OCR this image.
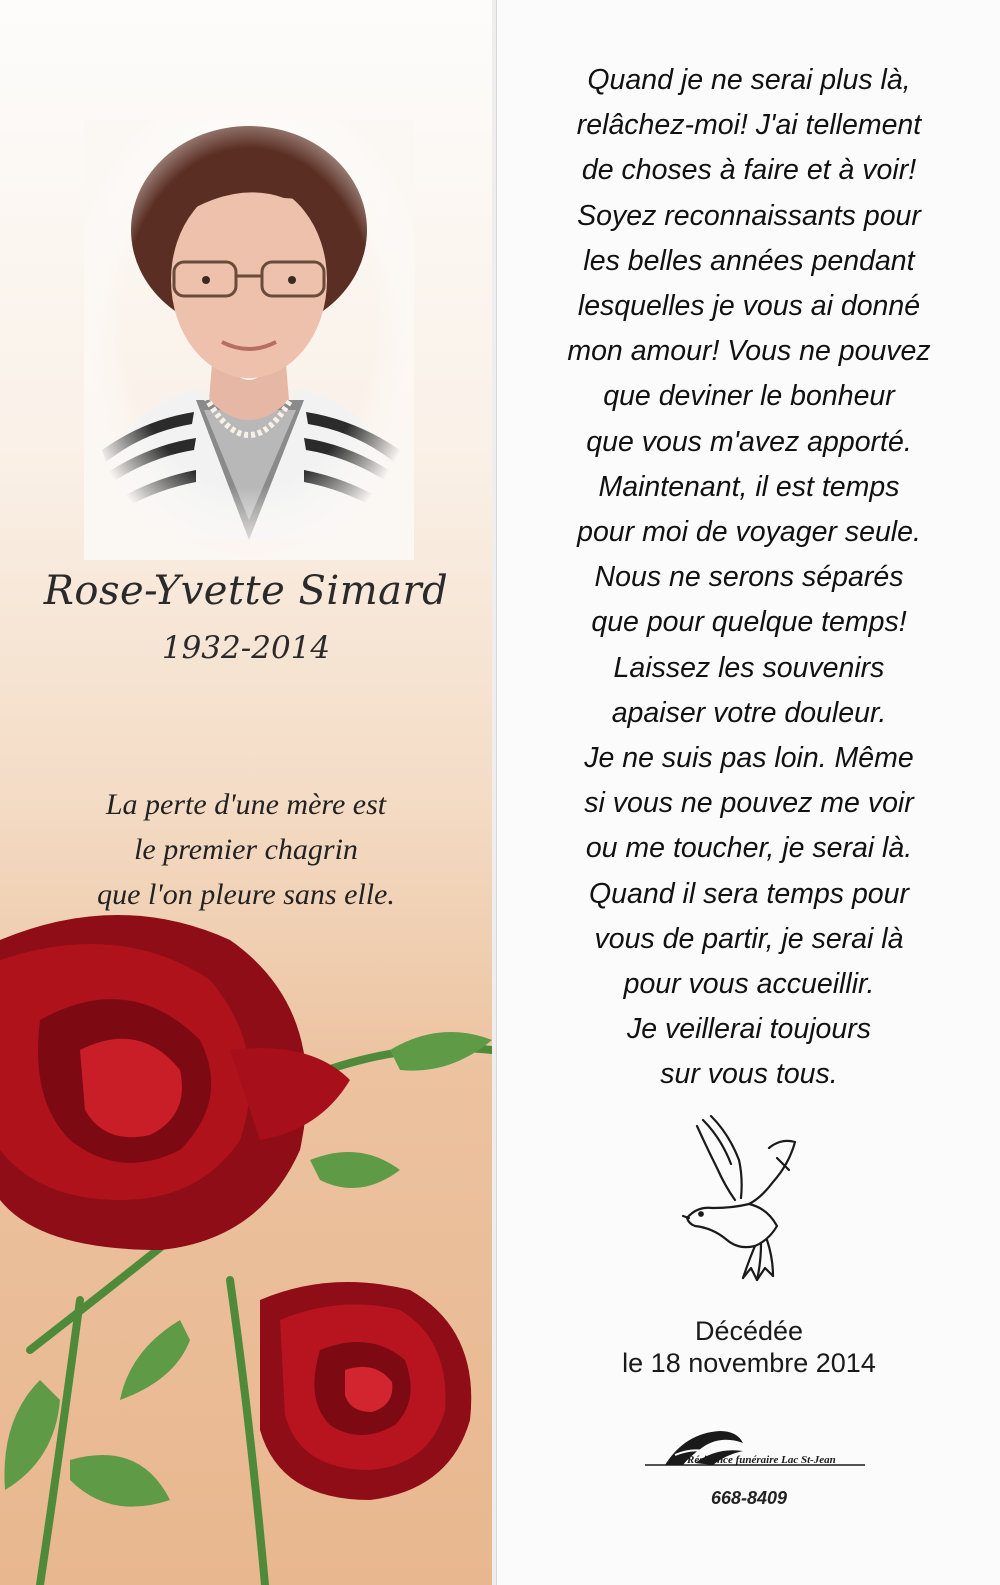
Rose-Yvette Simard
1932-2014
La perte d'une mère est
le premier chagrin
que l'on pleure sans elle.
Quand je ne serai plus là,
relâchez-moi! J'ai tellement
de choses à faire et à voir!
Soyez reconnaissants pour
les belles années pendant
lesquelles je vous ai donné
mon amour! Vous ne pouvez
que deviner le bonheur
que vous m'avez apporté.
Maintenant, il est temps
pour moi de voyager seule.
Nous ne serons séparés
que pour quelque temps!
Laissez les souvenirs
apaiser votre douleur.
Je ne suis pas loin. Même
si vous ne pouvez me voir
ou me toucher, je serai là.
Quand il sera temps pour
vous de partir, je serai là
pour vous accueillir.
Je veillerai toujours
sur vous tous.
Décédée
le 18 novembre 2014
Résidence funéraire Lac St-Jean
668-8409
